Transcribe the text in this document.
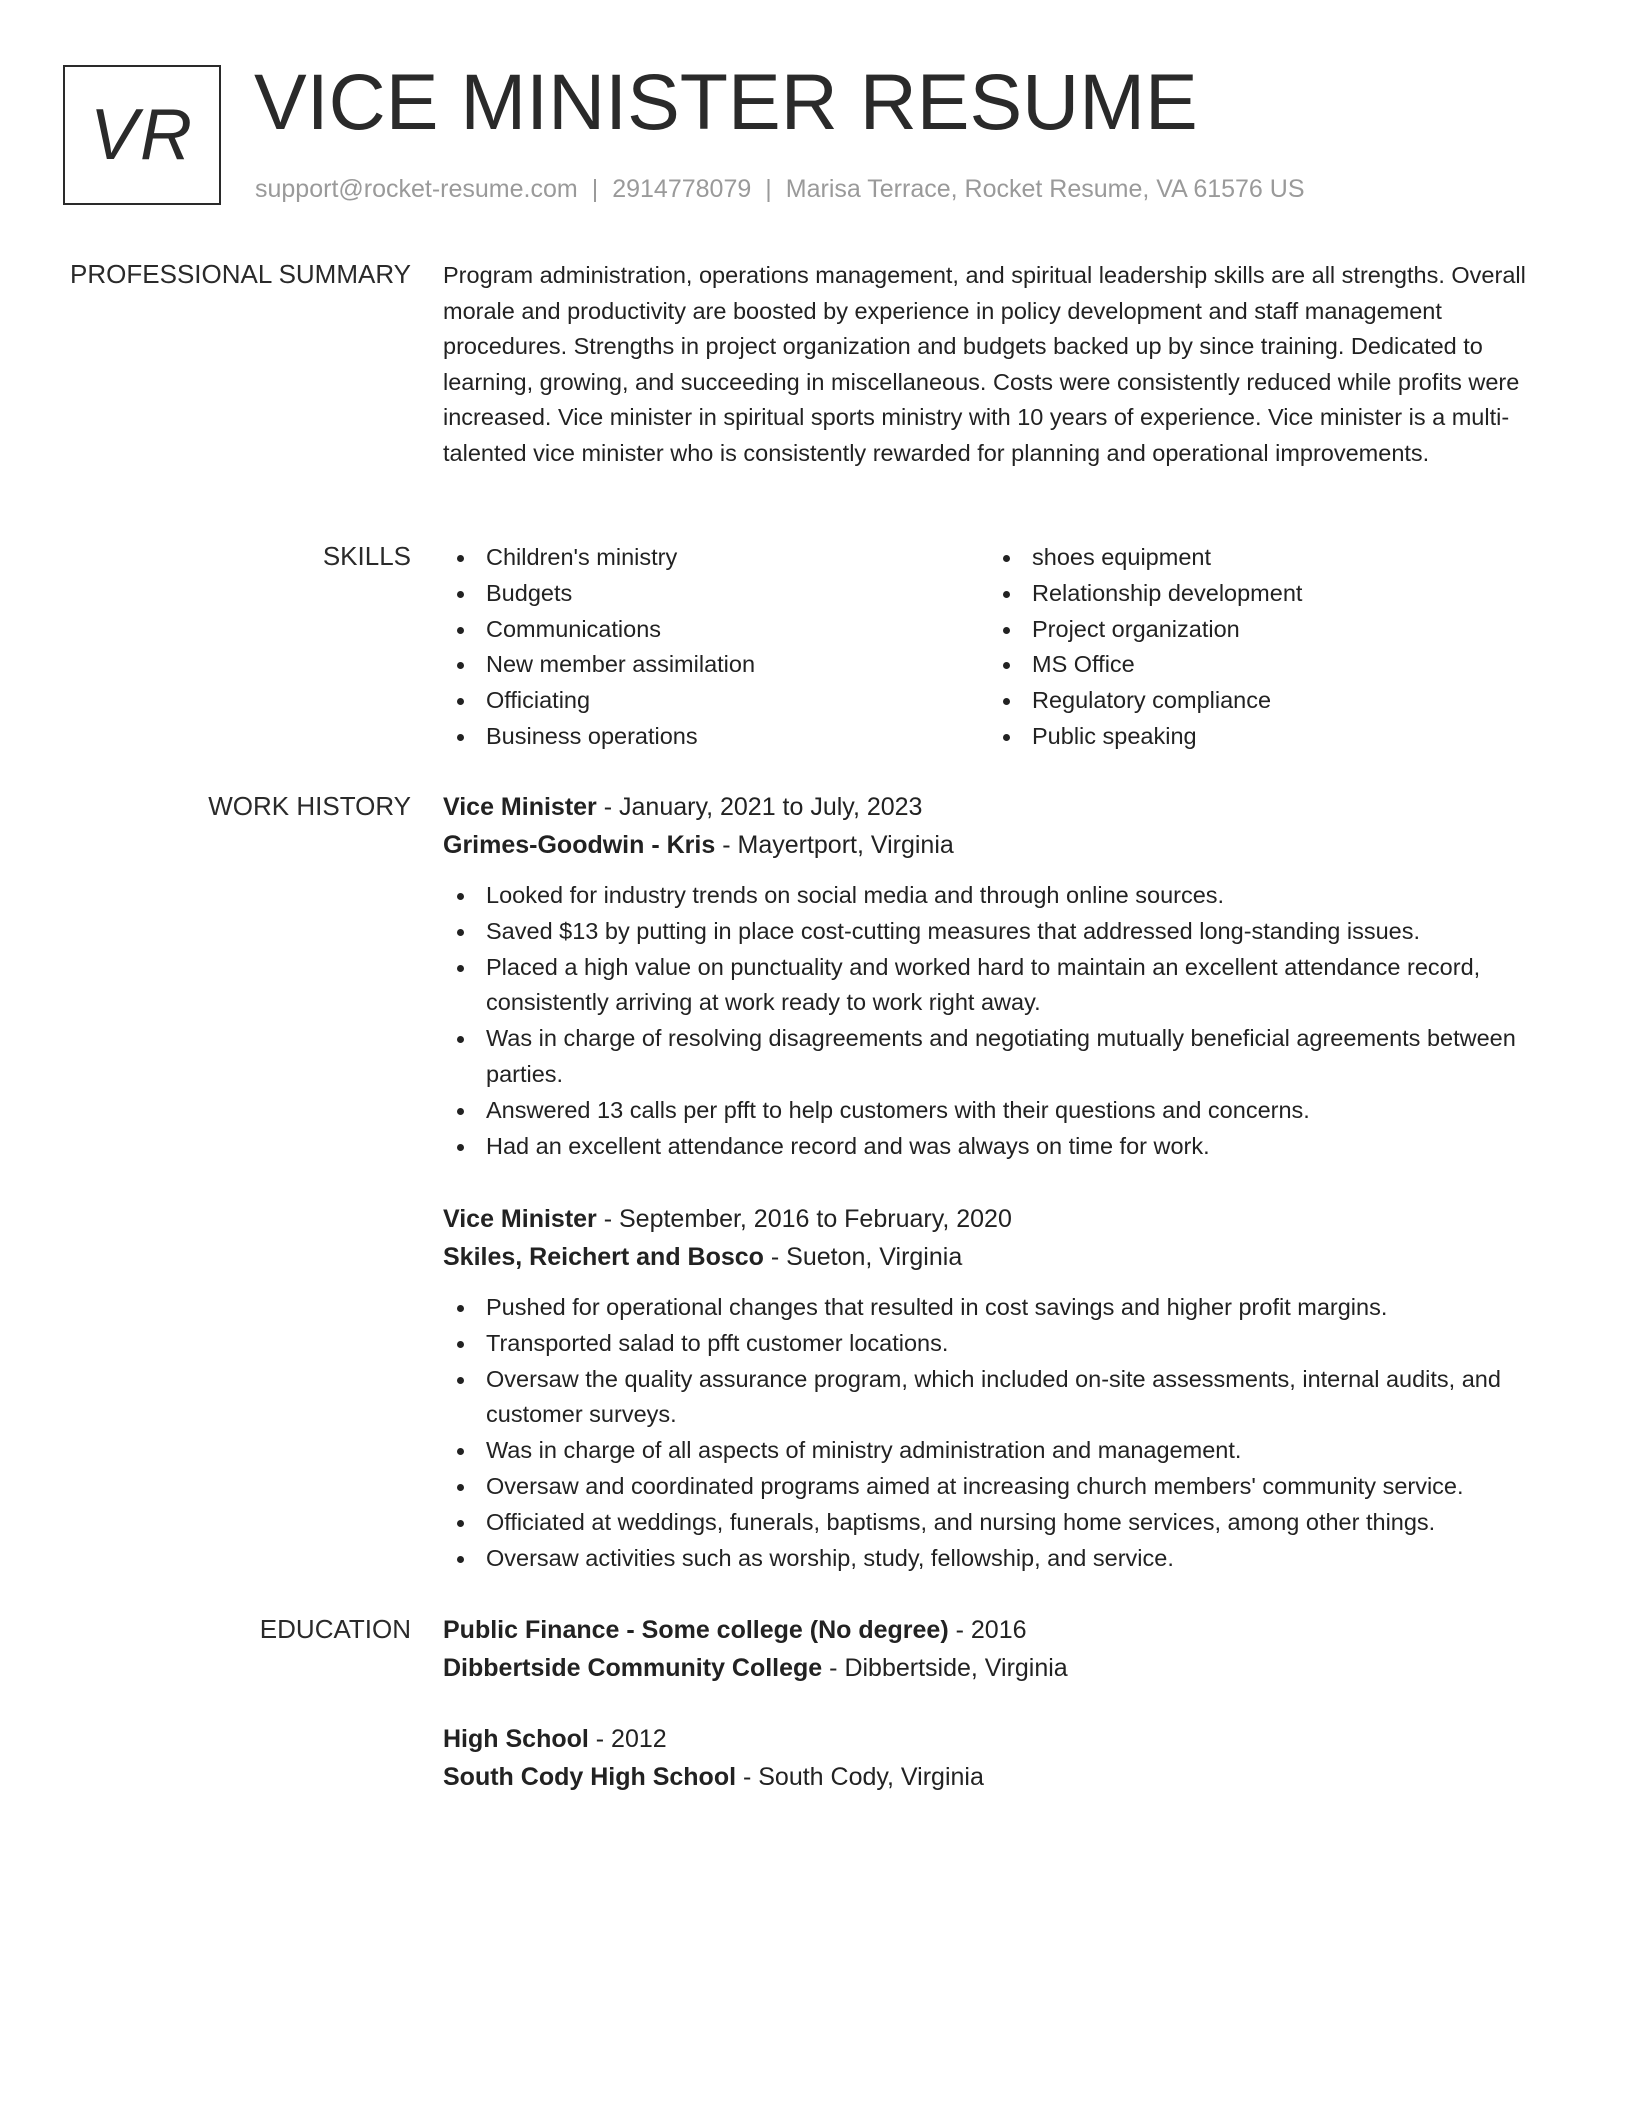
VR VICE MINISTER RESUME
support@rocket-resume.com | 2914778079 | Marisa Terrace, Rocket Resume, VA 61576 US
PROFESSIONAL SUMMARY Program administration, operations management, and spiritual leadership skills are all strengths. Overall morale and productivity are boosted by experience in policy development and staff management procedures. Strengths in project organization and budgets backed up by since training. Dedicated to learning, growing, and succeeding in miscellaneous. Costs were consistently reduced while profits were increased. Vice minister in spiritual sports ministry with 10 years of experience. Vice minister is a multi-talented vice minister who is consistently rewarded for planning and operational improvements.

SKILLS	Children's ministry
Budgets
Communications
New member assimilation
Officiating
Business operations
shoes equipment
Relationship development
Project organization
MS Office
Regulatory compliance
Public speaking
WORK HISTORY Vice Minister - January, 2021 to July, 2023
Grimes-Goodwin - Kris - Mayertport, Virginia
Looked for industry trends on social media and through online sources.
Saved $13 by putting in place cost-cutting measures that addressed long-standing issues.
Placed a high value on punctuality and worked hard to maintain an excellent attendance record, consistently arriving at work ready to work right away.
Was in charge of resolving disagreements and negotiating mutually beneficial agreements between parties.
Answered 13 calls per pfft to help customers with their questions and concerns.
Had an excellent attendance record and was always on time for work.
Vice Minister - September, 2016 to February, 2020
Skiles, Reichert and Bosco - Sueton, Virginia
Pushed for operational changes that resulted in cost savings and higher profit margins.
Transported salad to pfft customer locations.
Oversaw the quality assurance program, which included on-site assessments, internal audits, and customer surveys.
Was in charge of all aspects of ministry administration and management.
Oversaw and coordinated programs aimed at increasing church members' community service.
Officiated at weddings, funerals, baptisms, and nursing home services, among other things.
Oversaw activities such as worship, study, fellowship, and service.
EDUCATION Public Finance - Some college (No degree) - 2016
Dibbertside Community College - Dibbertside, Virginia
High School - 2012
South Cody High School - South Cody, Virginia
